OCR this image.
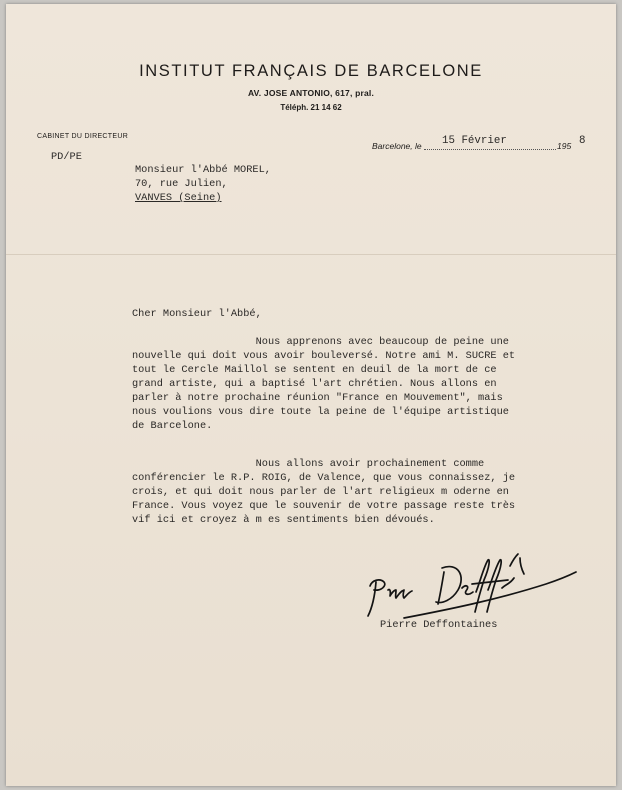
INSTITUT FRANÇAIS DE BARCELONE
AV. JOSE ANTONIO, 617, pral.
Téléph. 21 14 62
CABINET DU DIRECTEUR
PD/PE
Barcelone, le 15 Février	195 8
Monsieur l'Abbé MOREL,
70, rue Julien,
VANVES (Seine)
Cher Monsieur l'Abbé,
Nous apprenons avec beaucoup de peine une
nouvelle qui doit vous avoir bouleversé. Notre ami M. SUCRE et
tout le Cercle Maillol se sentent en deuil de la mort de ce
grand artiste, qui a baptisé l'art chrétien. Nous allons en
parler à notre prochaine réunion "France en Mouvement", mais
nous voulions vous dire toute la peine de l'équipe artistique
de Barcelone.
Nous allons avoir prochainement comme
conférencier le R.P. ROIG, de Valence, que vous connaissez, je
crois, et qui doit nous parler de l'art religieux m oderne en
France. Vous voyez que le souvenir de votre passage reste très
vif ici et croyez à m es sentiments bien dévoués.
Pierre Deffontaines
